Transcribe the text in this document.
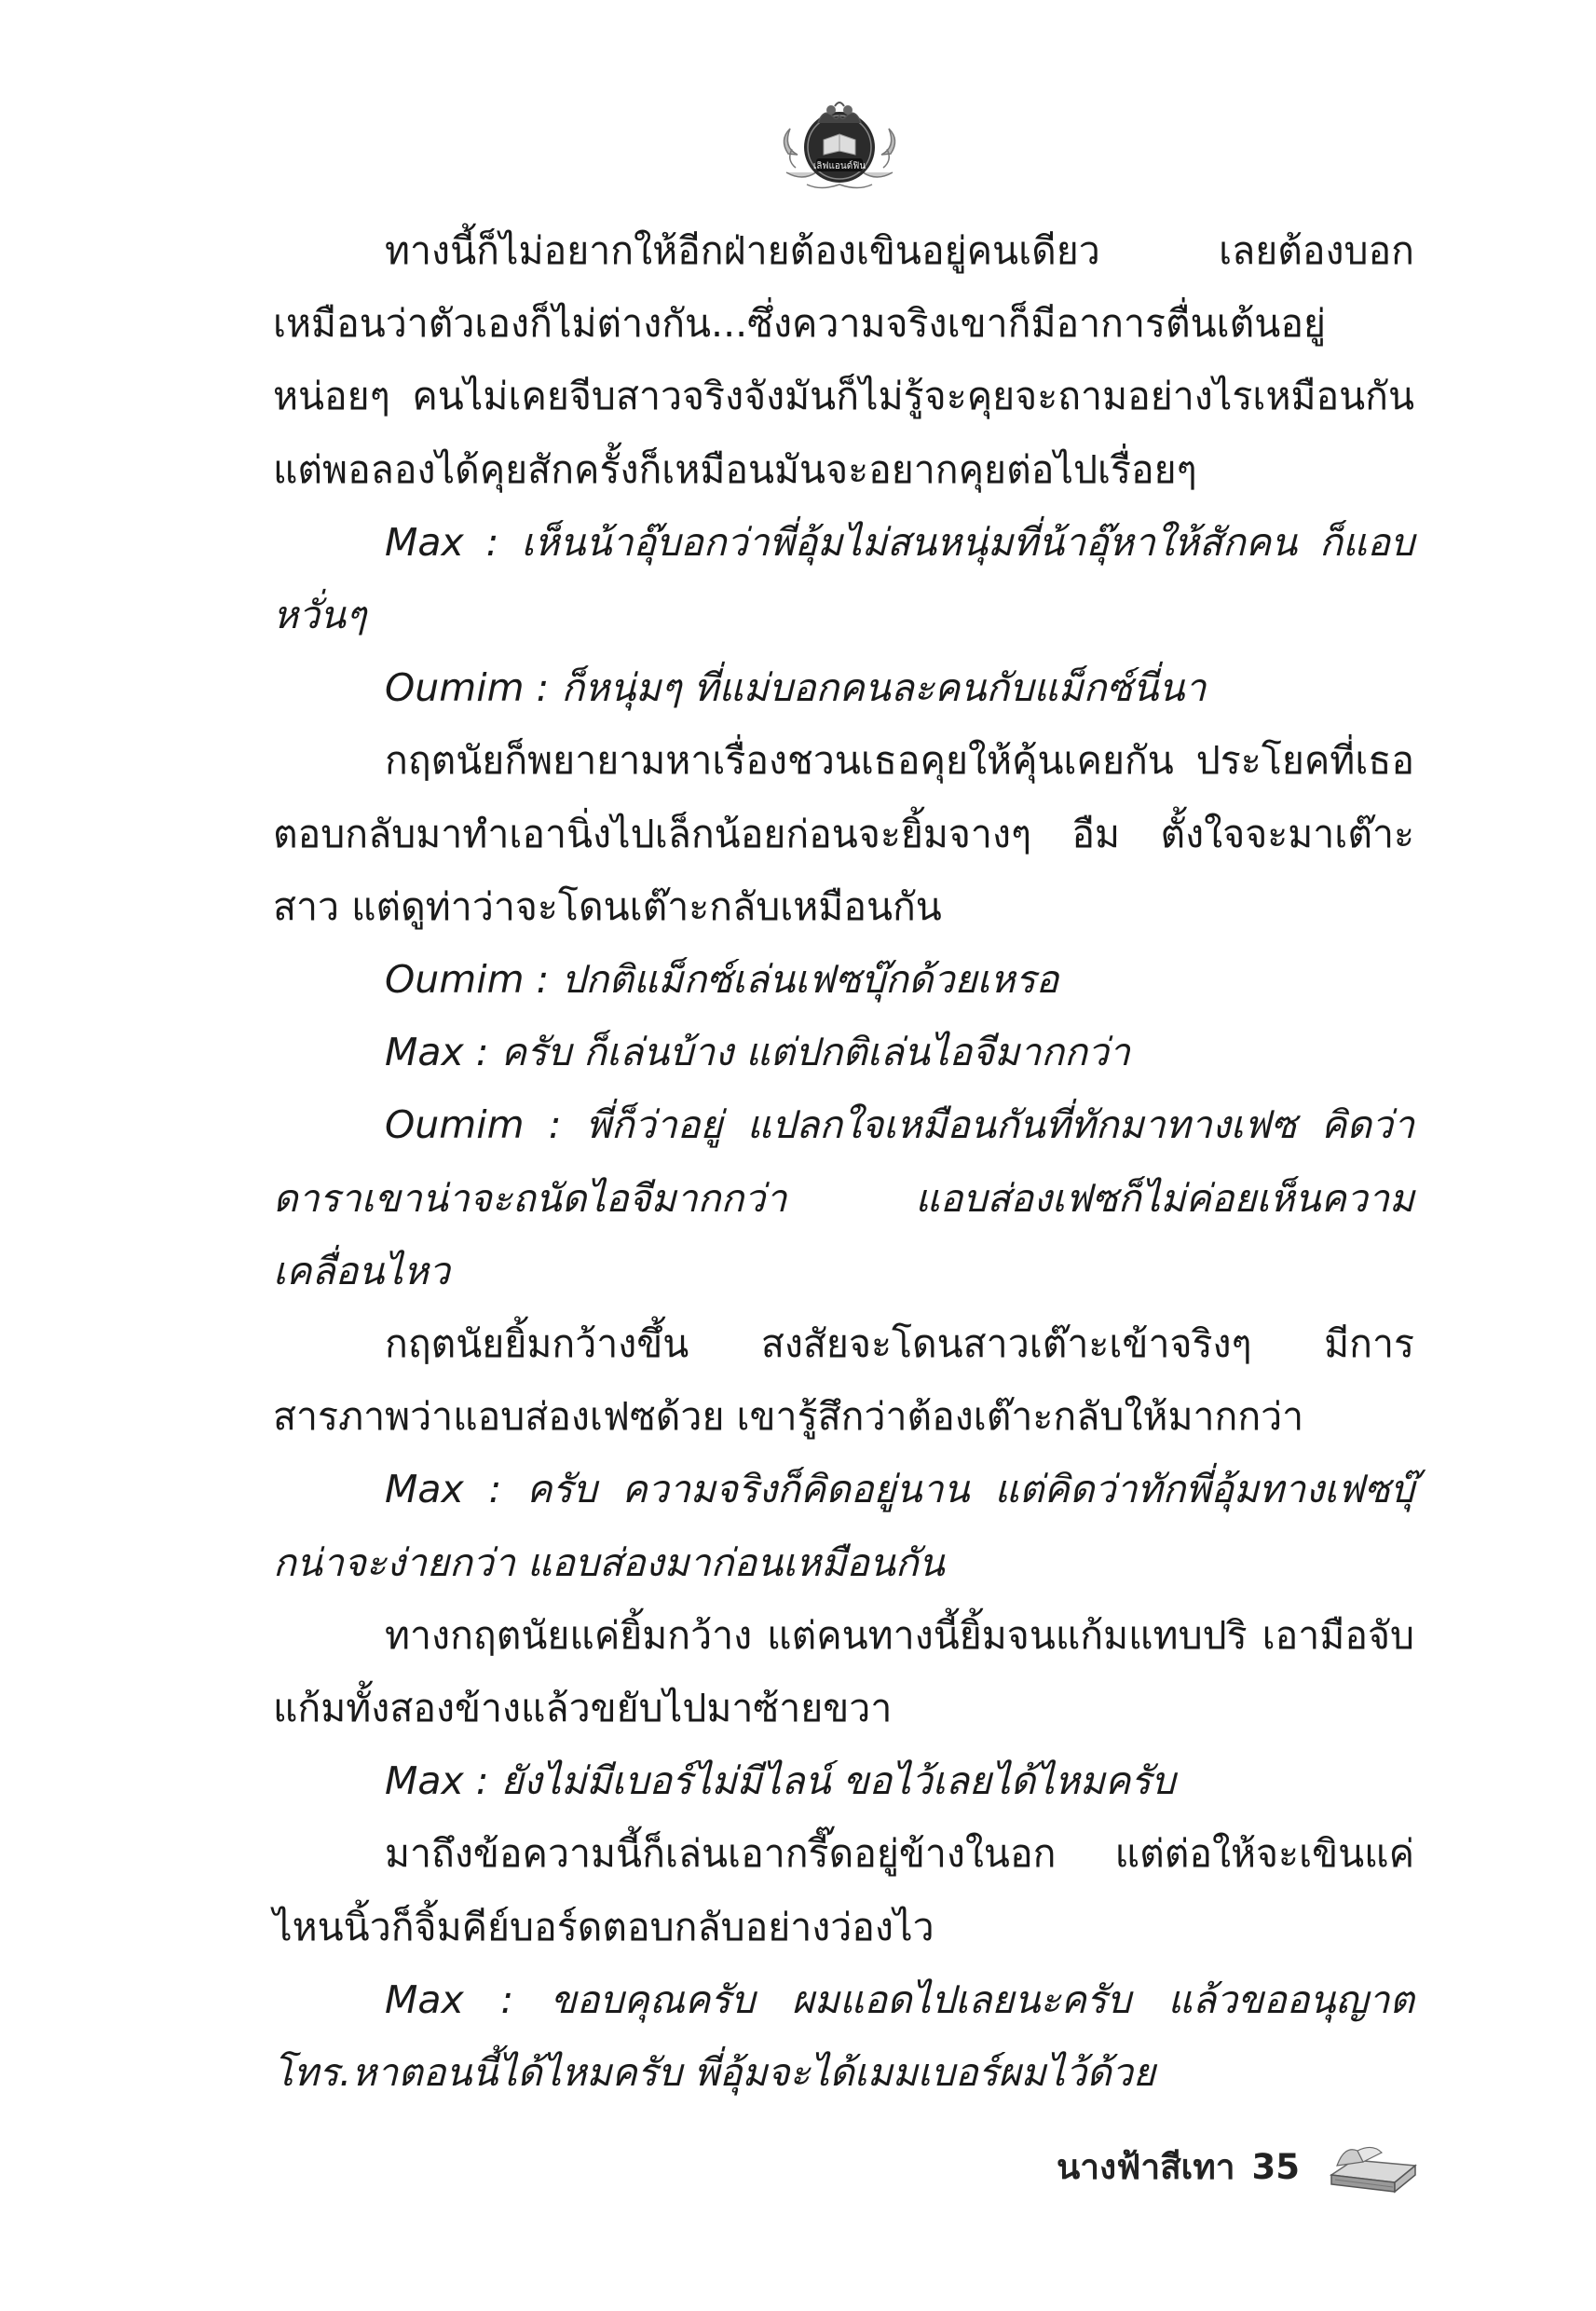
เลิฟแอนด์ฟิน

ทางนี้ก็ไม่อยากให้อีกฝ่ายต้องเขินอยู่คนเดียว เลยต้องบอกเหมือนว่าตัวเองก็ไม่ต่างกัน...ซึ่งความจริงเขาก็มีอาการตื่นเต้นอยู่หน่อยๆ คนไม่เคยจีบสาวจริงจังมันก็ไม่รู้จะคุยจะถามอย่างไรเหมือนกันแต่พอลองได้คุยสักครั้งก็เหมือนมันจะอยากคุยต่อไปเรื่อยๆ

Max : เห็นน้าอุ๊บอกว่าพี่อุ้มไม่สนหนุ่มที่น้าอุ๊หาให้สักคน ก็แอบหวั่นๆ

Oumim : ก็หนุ่มๆ ที่แม่บอกคนละคนกับแม็กซ์นี่นา

กฤตนัยก็พยายามหาเรื่องชวนเธอคุยให้คุ้นเคยกัน ประโยคที่เธอตอบกลับมาทำเอานิ่งไปเล็กน้อยก่อนจะยิ้มจางๆ อืม ตั้งใจจะมาเต๊าะสาว แต่ดูท่าว่าจะโดนเต๊าะกลับเหมือนกัน

Oumim : ปกติแม็กซ์เล่นเฟซบุ๊กด้วยเหรอ

Max : ครับ ก็เล่นบ้าง แต่ปกติเล่นไอจีมากกว่า

Oumim : พี่ก็ว่าอยู่ แปลกใจเหมือนกันที่ทักมาทางเฟซ คิดว่าดาราเขาน่าจะถนัดไอจีมากกว่า แอบส่องเฟซก็ไม่ค่อยเห็นความเคลื่อนไหว

กฤตนัยยิ้มกว้างขึ้น สงสัยจะโดนสาวเต๊าะเข้าจริงๆ มีการสารภาพว่าแอบส่องเฟซด้วย เขารู้สึกว่าต้องเต๊าะกลับให้มากกว่า

Max : ครับ ความจริงก็คิดอยู่นาน แต่คิดว่าทักพี่อุ้มทางเฟซบุ๊กน่าจะง่ายกว่า แอบส่องมาก่อนเหมือนกัน

ทางกฤตนัยแค่ยิ้มกว้าง แต่คนทางนี้ยิ้มจนแก้มแทบปริ เอามือจับแก้มทั้งสองข้างแล้วขยับไปมาซ้ายขวา

Max : ยังไม่มีเบอร์ไม่มีไลน์ ขอไว้เลยได้ไหมครับ

มาถึงข้อความนี้ก็เล่นเอากรี๊ดอยู่ข้างในอก แต่ต่อให้จะเขินแค่ไหนนิ้วก็จิ้มคีย์บอร์ดตอบกลับอย่างว่องไว

Max : ขอบคุณครับ ผมแอดไปเลยนะครับ แล้วขออนุญาตโทร.หาตอนนี้ได้ไหมครับ พี่อุ้มจะได้เมมเบอร์ผมไว้ด้วย

นางฟ้าสีเทา 35
